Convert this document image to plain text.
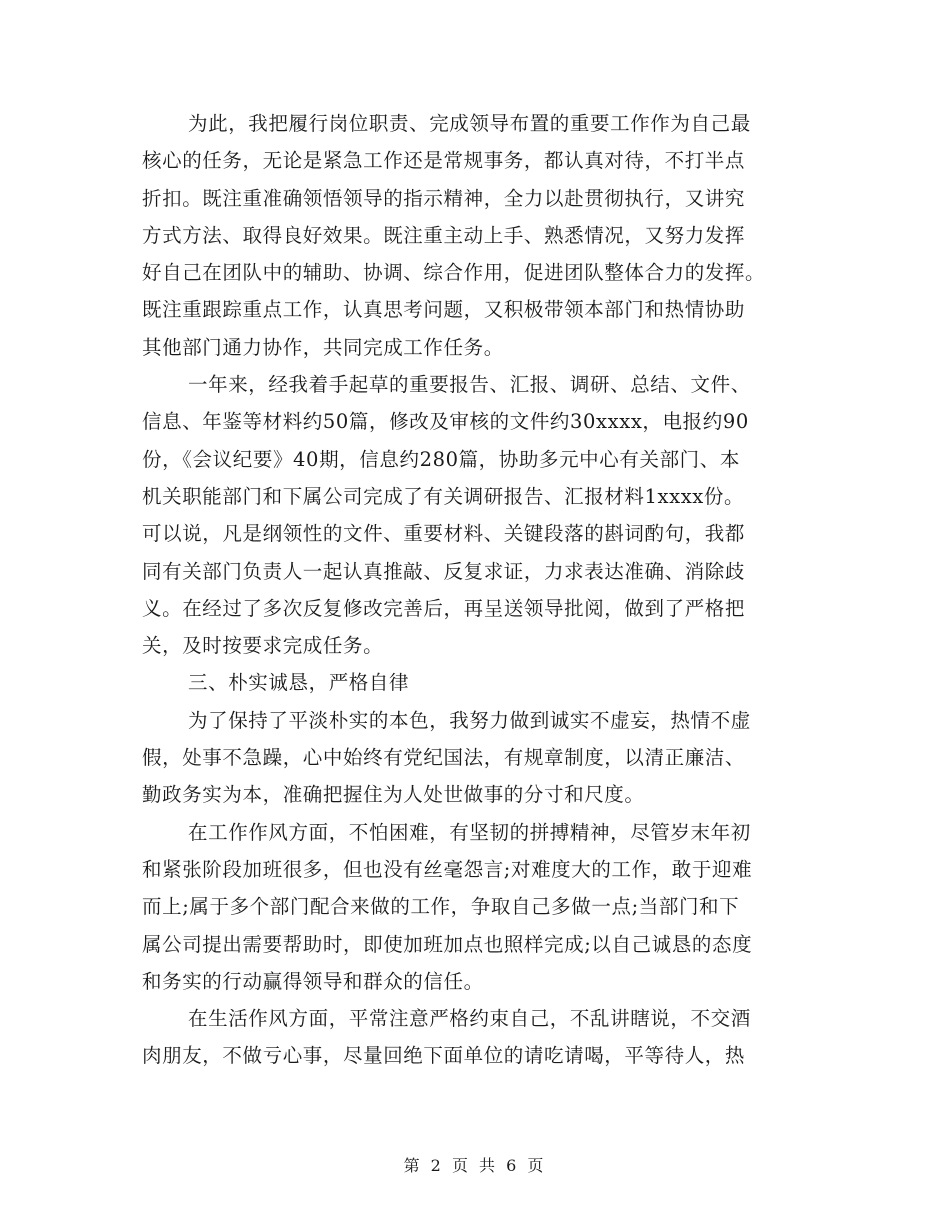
为此，我把履行岗位职责、完成领导布置的重要工作作为自己最
核心的任务，无论是紧急工作还是常规事务，都认真对待，不打半点
折扣。既注重准确领悟领导的指示精神，全力以赴贯彻执行，又讲究
方式方法、取得良好效果。既注重主动上手、熟悉情况，又努力发挥
好自己在团队中的辅助、协调、综合作用，促进团队整体合力的发挥。
既注重跟踪重点工作，认真思考问题，又积极带领本部门和热情协助
其他部门通力协作，共同完成工作任务。
一年来，经我着手起草的重要报告、汇报、调研、总结、文件、
信息、年鉴等材料约50篇，修改及审核的文件约30xxxx，电报约90
份，《会议纪要》40期，信息约280篇，协助多元中心有关部门、本
机关职能部门和下属公司完成了有关调研报告、汇报材料1xxxx份。
可以说，凡是纲领性的文件、重要材料、关键段落的斟词酌句，我都
同有关部门负责人一起认真推敲、反复求证，力求表达准确、消除歧
义。在经过了多次反复修改完善后，再呈送领导批阅，做到了严格把
关，及时按要求完成任务。
三、朴实诚恳，严格自律
为了保持了平淡朴实的本色，我努力做到诚实不虚妄，热情不虚
假，处事不急躁，心中始终有党纪国法，有规章制度，以清正廉洁、
勤政务实为本，准确把握住为人处世做事的分寸和尺度。
在工作作风方面，不怕困难，有坚韧的拼搏精神，尽管岁末年初
和紧张阶段加班很多，但也没有丝毫怨言;对难度大的工作，敢于迎难
而上;属于多个部门配合来做的工作，争取自己多做一点;当部门和下
属公司提出需要帮助时，即使加班加点也照样完成;以自己诚恳的态度
和务实的行动赢得领导和群众的信任。
在生活作风方面，平常注意严格约束自己，不乱讲瞎说，不交酒
肉朋友，不做亏心事，尽量回绝下面单位的请吃请喝，平等待人，热
第 2 页 共 6 页
